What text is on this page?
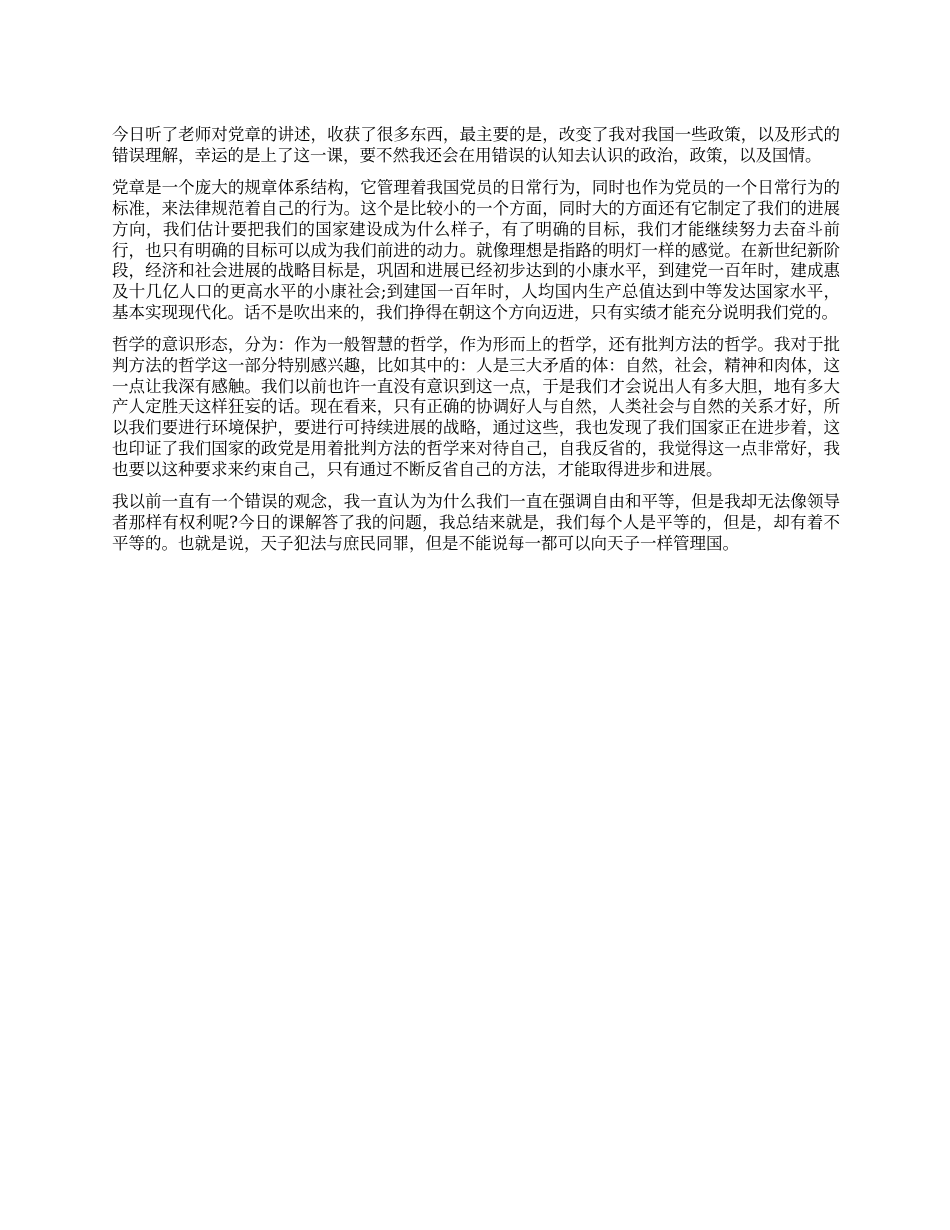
今日听了老师对党章的讲述，收获了很多东西，最主要的是，改变了我对我国一些政策，以及形式的错误理解，幸运的是上了这一课，要不然我还会在用错误的认知去认识的政治，政策，以及国情。

党章是一个庞大的规章体系结构，它管理着我国党员的日常行为，同时也作为党员的一个日常行为的标准，来法律规范着自己的行为。这个是比较小的一个方面，同时大的方面还有它制定了我们的进展方向，我们估计要把我们的国家建设成为什么样子，有了明确的目标，我们才能继续努力去奋斗前行，也只有明确的目标可以成为我们前进的动力。就像理想是指路的明灯一样的感觉。在新世纪新阶段，经济和社会进展的战略目标是，巩固和进展已经初步达到的小康水平，到建党一百年时，建成惠及十几亿人口的更高水平的小康社会;到建国一百年时，人均国内生产总值达到中等发达国家水平，基本实现现代化。话不是吹出来的，我们挣得在朝这个方向迈进，只有实绩才能充分说明我们党的。

哲学的意识形态，分为：作为一般智慧的哲学，作为形而上的哲学，还有批判方法的哲学。我对于批判方法的哲学这一部分特别感兴趣，比如其中的：人是三大矛盾的体：自然，社会，精神和肉体，这一点让我深有感触。我们以前也许一直没有意识到这一点，于是我们才会说出人有多大胆，地有多大产人定胜天这样狂妄的话。现在看来，只有正确的协调好人与自然，人类社会与自然的关系才好，所以我们要进行环境保护，要进行可持续进展的战略，通过这些，我也发现了我们国家正在进步着，这也印证了我们国家的政党是用着批判方法的哲学来对待自己，自我反省的，我觉得这一点非常好，我也要以这种要求来约束自己，只有通过不断反省自己的方法，才能取得进步和进展。

我以前一直有一个错误的观念，我一直认为为什么我们一直在强调自由和平等，但是我却无法像领导者那样有权利呢?今日的课解答了我的问题，我总结来就是，我们每个人是平等的，但是，却有着不平等的。也就是说，天子犯法与庶民同罪，但是不能说每一都可以向天子一样管理国。
